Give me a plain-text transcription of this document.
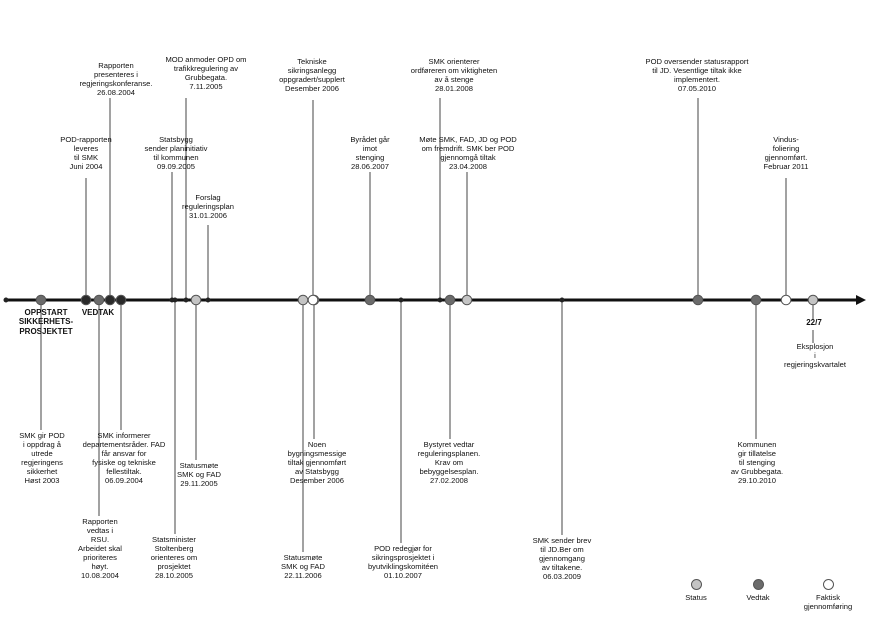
Rapporten
presenteres i
regjeringskonferanse.
26.08.2004
MOD anmoder OPD om
trafikkregulering av
Grubbegata.
7.11.2005
Tekniske
sikringsanlegg
oppgradert/supplert
Desember 2006
SMK orienterer
ordføreren om viktigheten
av å stenge
28.01.2008
POD oversender statusrapport
til JD. Vesentlige tiltak ikke
implementert.
07.05.2010
POD-rapporten
leveres
til SMK
Juni 2004
Statsbygg
sender planinitiativ
til kommunen
09.09.2005
Forslag
reguleringsplan
31.01.2006
Byrådet går
imot
stenging
28.06.2007
Møte SMK, FAD, JD og POD
om fremdrift. SMK ber POD
gjennomgå tiltak
23.04.2008
Vindus-
foliering
gjennomført.
Februar 2011
OPPSTART
SIKKERHETS-
PROSJEKTET
VEDTAK
22/7
Eksplosjon
i
regjeringskvartalet
SMK gir POD
i oppdrag å
utrede
regjeringens
sikkerhet
Høst 2003
SMK informerer
departementsråder. FAD
får ansvar for
fysiske og tekniske
fellestiltak.
06.09.2004
Rapporten
vedtas i
RSU.
Arbeidet skal
prioriteres
høyt.
10.08.2004
Statusmøte
SMK og FAD
29.11.2005
Statsminister
Stoltenberg
orienteres om
prosjektet
28.10.2005
Noen
bygningsmessige
tiltak gjennomført
av Statsbygg
Desember 2006
Statusmøte
SMK og FAD
22.11.2006
POD redegjør for
sikringsprosjektet i
byutviklingskomitéen
01.10.2007
Bystyret vedtar
reguleringsplanen.
Krav om
bebyggelsesplan.
27.02.2008
SMK sender brev
til JD.Ber om
gjennomgang
av tiltakene.
06.03.2009
Kommunen
gir tillatelse
til stenging
av Grubbegata.
29.10.2010
Status	Vedtak	Faktisk
gjennomføring
